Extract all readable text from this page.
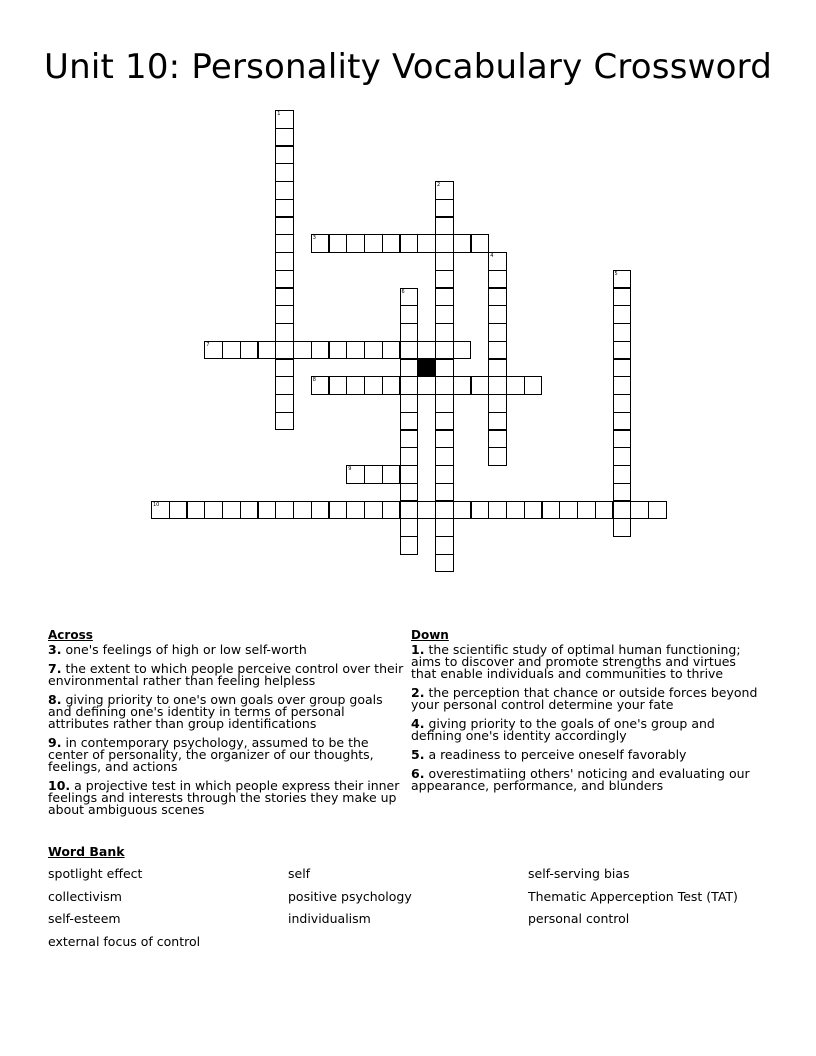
Unit 10: Personality Vocabulary Crossword
1
2
3
4
5
6
7
8
9
10
Across
3. one's feelings of high or low self-worth
7. the extent to which people perceive control over their environmental rather than feeling helpless
8. giving priority to one's own goals over group goals and defining one's identity in terms of personal attributes rather than group identifications
9. in contemporary psychology, assumed to be the center of personality, the organizer of our thoughts, feelings, and actions
10. a projective test in which people express their inner feelings and interests through the stories they make up about ambiguous scenes
Down
1. the scientific study of optimal human functioning; aims to discover and promote strengths and virtues that enable individuals and communities to thrive
2. the perception that chance or outside forces beyond your personal control determine your fate
4. giving priority to the goals of one's group and defining one's identity accordingly
5. a readiness to perceive oneself favorably
6. overestimatiing others' noticing and evaluating our appearance, performance, and blunders
Word Bank
spotlight effect	self	self-serving bias
collectivism	positive psychology	Thematic Apperception Test (TAT)
self-esteem	individualism	personal control
external focus of control
